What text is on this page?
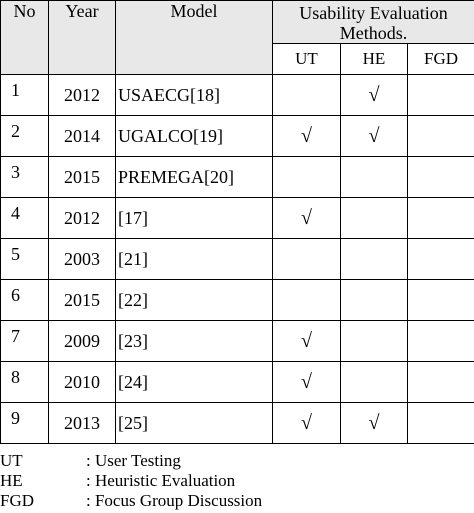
No	Year	Model	Usability Evaluation Methods.		
			UT	HE	FGD
1	2012	USAECG[18]		√	
2	2014	UGALCO[19]	√	√	
3	2015	PREMEGA[20]			
4	2012	[17]	√		
5	2003	[21]			
6	2015	[22]			
7	2009	[23]	√		
8	2010	[24]	√		
9	2013	[25]	√	√	
UT	: User Testing
HE	: Heuristic Evaluation
FGD	: Focus Group Discussion
